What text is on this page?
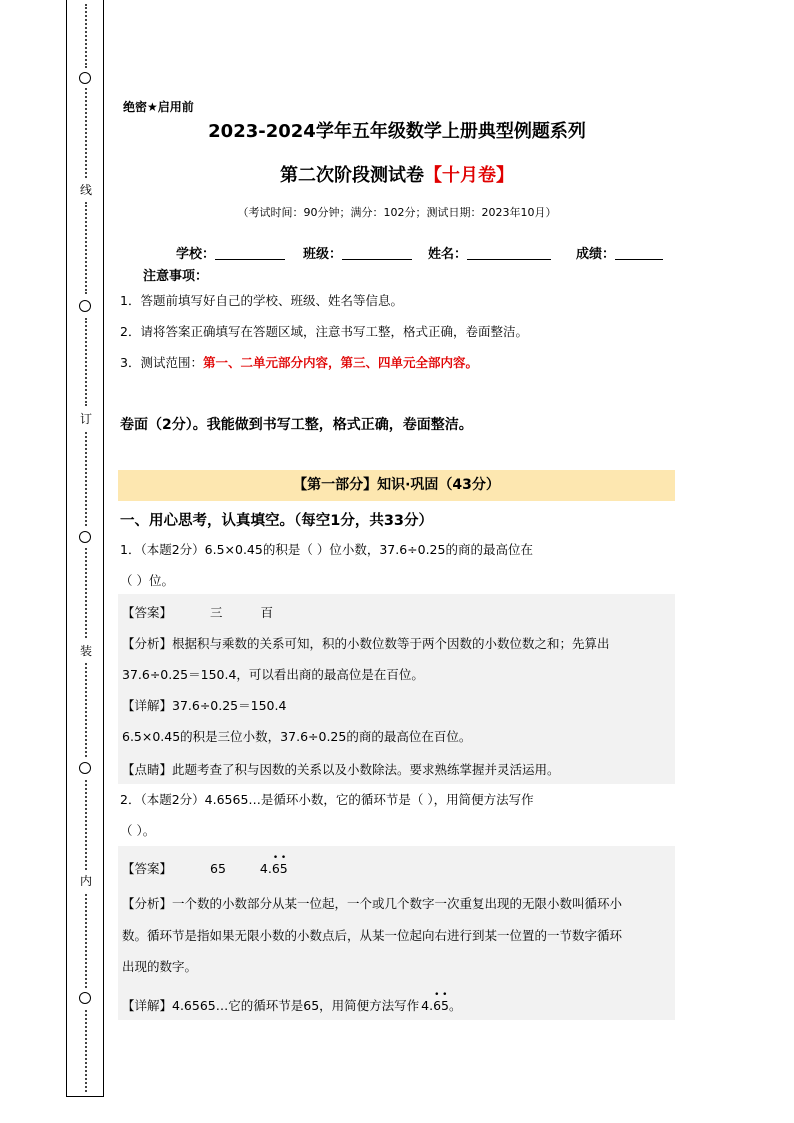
线
订
装
内
绝密★启用前
2023-2024学年五年级数学上册典型例题系列
第二次阶段测试卷【十月卷】
（考试时间：90分钟；满分：102分；测试日期：2023年10月）
学校：	班级：	姓名：	成绩：
注意事项：
1．答题前填写好自己的学校、班级、姓名等信息。
2．请将答案正确填写在答题区域，注意书写工整，格式正确，卷面整洁。
3．测试范围：第一、二单元部分内容，第三、四单元全部内容。
卷面（2分）。我能做到书写工整，格式正确，卷面整洁。
【第一部分】知识·巩固（43分）
一、用心思考，认真填空。（每空1分，共33分）
1．（本题2分）6.5×0.45的积是（ ）位小数，37.6÷0.25的商的最高位在
（ ）位。
【答案】	三	百
【分析】根据积与乘数的关系可知，积的小数位数等于两个因数的小数位数之和；先算出
37.6÷0.25＝150.4，可以看出商的最高位是在百位。
【详解】37.6÷0.25＝150.4
6.5×0.45的积是三位小数，37.6÷0.25的商的最高位在百位。
【点睛】此题考查了积与因数的关系以及小数除法。要求熟练掌握并灵活运用。
2．（本题2分）4.6565…是循环小数，它的循环节是（ ），用简便方法写作
（ ）。
【答案】	65	4.65
• •
【分析】一个数的小数部分从某一位起，一个或几个数字一次重复出现的无限小数叫循环小
数。循环节是指如果无限小数的小数点后，从某一位起向右进行到某一位置的一节数字循环
出现的数字。
【详解】4.6565…它的循环节是65，用简便方法写作 4.65
• •
。
